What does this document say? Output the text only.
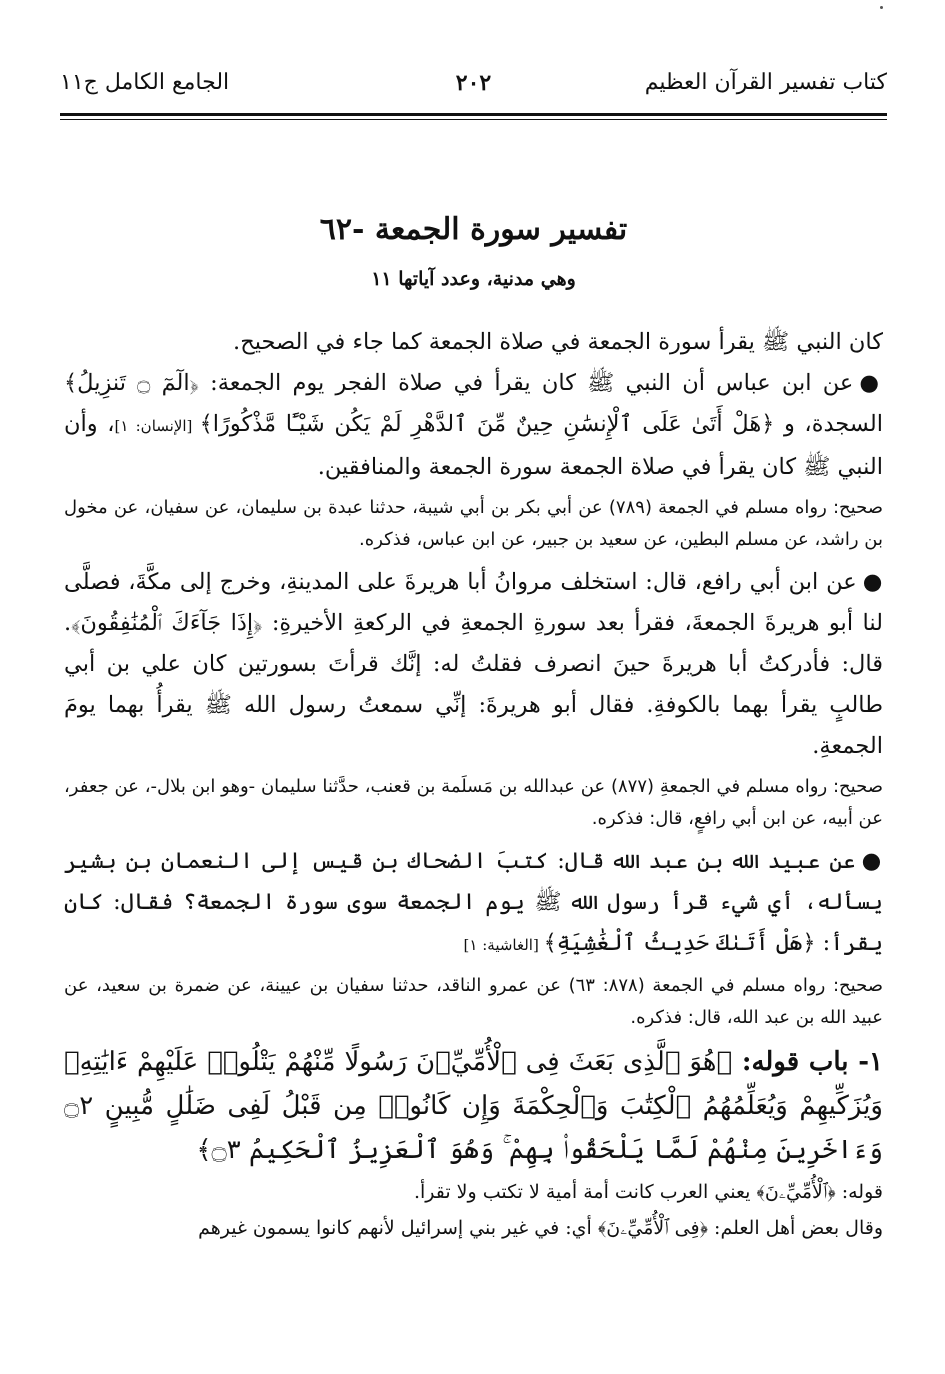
كتاب تفسير القرآن العظيم
٢٠٢
الجامع الكامل ج١١
تفسير سورة الجمعة -٦٢
وهي مدنية، وعدد آياتها ١١

كان النبي ﷺ يقرأ سورة الجمعة في صلاة الجمعة كما جاء في الصحيح.

●عن ابن عباس أن النبي ﷺ كان يقرأ في صلاة الفجر يوم الجمعة: ﴿الٓمٓ ۝ تَنزِيلُ﴾ السجدة، و ﴿هَلْ أَتَىٰ عَلَى ٱلْإِنسَٰنِ حِينٌ مِّنَ ٱلدَّهْرِ لَمْ يَكُن شَيْـًٔا مَّذْكُورًا﴾ [الإنسان: ١]، وأن النبي ﷺ كان يقرأ في صلاة الجمعة سورة الجمعة والمنافقين.

صحيح: رواه مسلم في الجمعة (٧٨٩) عن أبي بكر بن أبي شيبة، حدثنا عبدة بن سليمان، عن سفيان، عن مخول بن راشد، عن مسلم البطين، عن سعيد بن جبير، عن ابن عباس، فذكره.

●عن ابن أبي رافع، قال: استخلف مروانُ أبا هريرةَ على المدينةِ، وخرج إلى مكَّةَ، فصلَّى لنا أبو هريرةَ الجمعةَ، فقرأ بعد سورةِ الجمعةِ في الركعةِ الأخيرةِ: ﴿إِذَا جَآءَكَ ٱلْمُنَٰفِقُونَ﴾. قال: فأدركتُ أبا هريرةَ حينَ انصرف فقلتُ له: إنَّك قرأتَ بسورتين كان علي بن أبي طالبٍ يقرأ بهما بالكوفةِ. فقال أبو هريرةَ: إنِّي سمعتُ رسول الله ﷺ يقرأُ بهما يومَ الجمعةِ.

صحيح: رواه مسلم في الجمعةِ (٨٧٧) عن عبدالله بن مَسلَمة بن قعنب، حدَّثنا سليمان -وهو ابن بلال-، عن جعفر، عن أبيه، عن ابن أبي رافعٍ، قال: فذكره.

●عن عبيد الله بن عبد الله قال: كتبَ الضحاك بن قيس إلى النعمان بن بشير يسأله، أي شيء قرأ رسول الله ﷺ يوم الجمعة سوى سورة الجمعة؟ فقال: كان يقرأ: ﴿هَلْ أَتَىٰكَ حَدِيثُ ٱلْغَٰشِيَةِ﴾ [الغاشية: ١]

صحيح: رواه مسلم في الجمعة (٨٧٨: ٦٣) عن عمرو الناقد، حدثنا سفيان بن عيينة، عن ضمرة بن سعيد، عن عبيد الله بن عبد الله، قال: فذكره.

١- باب قوله: ﴿هُوَ ٱلَّذِى بَعَثَ فِى ٱلْأُمِّيِّۦنَ رَسُولًا مِّنْهُمْ يَتْلُوا۟ عَلَيْهِمْ ءَايَٰتِهِۦ وَيُزَكِّيهِمْ وَيُعَلِّمُهُمُ ٱلْكِتَٰبَ وَٱلْحِكْمَةَ وَإِن كَانُوا۟ مِن قَبْلُ لَفِى ضَلَٰلٍ مُّبِينٍ ۝٢ وَءَاخَرِينَ مِنْهُمْ لَمَّا يَلْحَقُوا۟ بِهِمْ ۚ وَهُوَ ٱلْعَزِيزُ ٱلْحَكِيمُ ۝٣﴾

قوله: ﴿ٱلْأُمِّيِّۦنَ﴾ يعني العرب كانت أمة أمية لا تكتب ولا تقرأ.

وقال بعض أهل العلم: ﴿فِى ٱلْأُمِّيِّۦنَ﴾ أي: في غير بني إسرائيل لأنهم كانوا يسمون غيرهم
